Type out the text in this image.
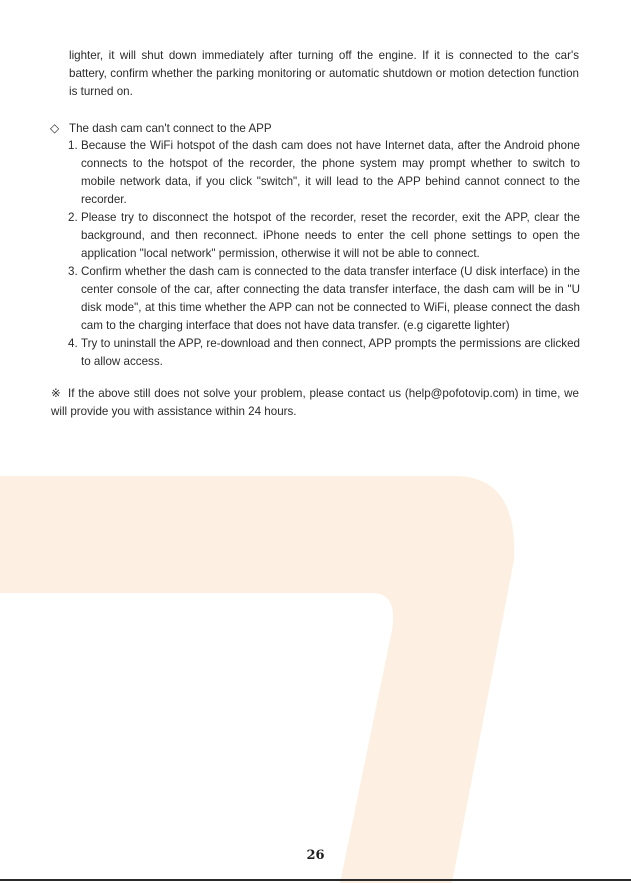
lighter, it will shut down immediately after turning off the engine. If it is connected to the car's battery, confirm whether the parking monitoring or automatic shutdown or motion detection function is turned on.

◇ The dash cam can't connect to the APP

1. Because the WiFi hotspot of the dash cam does not have Internet data, after the Android phone connects to the hotspot of the recorder, the phone system may prompt whether to switch to mobile network data, if you click "switch", it will lead to the APP behind cannot connect to the recorder.
2. Please try to disconnect the hotspot of the recorder, reset the recorder, exit the APP, clear the background, and then reconnect. iPhone needs to enter the cell phone settings to open the application "local network" permission, otherwise it will not be able to connect.
3. Confirm whether the dash cam is connected to the data transfer interface (U disk interface) in the center console of the car, after connecting the data transfer interface, the dash cam will be in "U disk mode", at this time whether the APP can not be connected to WiFi, please connect the dash cam to the charging interface that does not have data transfer. (e.g cigarette lighter)
4. Try to uninstall the APP, re-download and then connect, APP prompts the permissions are clicked to allow access.

※ If the above still does not solve your problem, please contact us (help@pofotovip.com) in time, we will provide you with assistance within 24 hours.

26
